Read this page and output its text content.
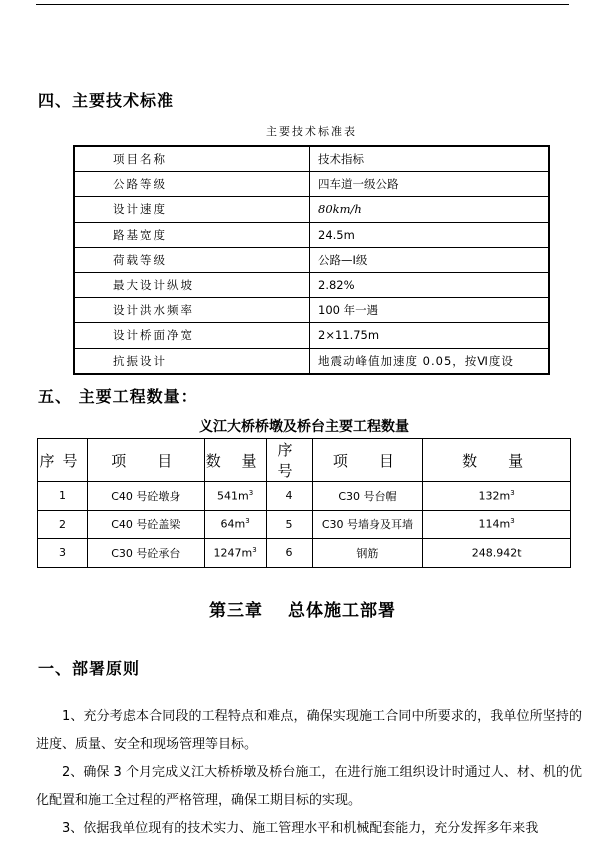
四、主要技术标准
主要技术标准表
项目名称	技术指标
公路等级	四车道一级公路
设计速度	80km/h
路基宽度	24.5m
荷载等级	公路—Ⅰ级
最大设计纵坡	2.82%
设计洪水频率	100 年一遇
设计桥面净宽	2×11.75m
抗振设计	地震动峰值加速度 0.05，按Ⅵ度设
五、 主要工程数量：
义江大桥桥墩及桥台主要工程数量
序号	项　目	数 量	序号	项　目	数　量
1	C40 号砼墩身	$541m^3$	4	C30 号台帽	$132m^3$
2	C40 号砼盖梁	$64m^3$	5	C30 号墙身及耳墙	$114m^3$
3	C30 号砼承台	$1247m^3$	6	钢筋	248.942t
第三章　 总体施工部署
一、部署原则
1、充分考虑本合同段的工程特点和难点，确保实现施工合同中所要求的，我单位所坚持的进度、质量、安全和现场管理等目标。
2、确保 3 个月完成义江大桥桥墩及桥台施工，在进行施工组织设计时通过人、材、机的优化配置和施工全过程的严格管理，确保工期目标的实现。
3、依据我单位现有的技术实力、施工管理水平和机械配套能力，充分发挥多年来我
